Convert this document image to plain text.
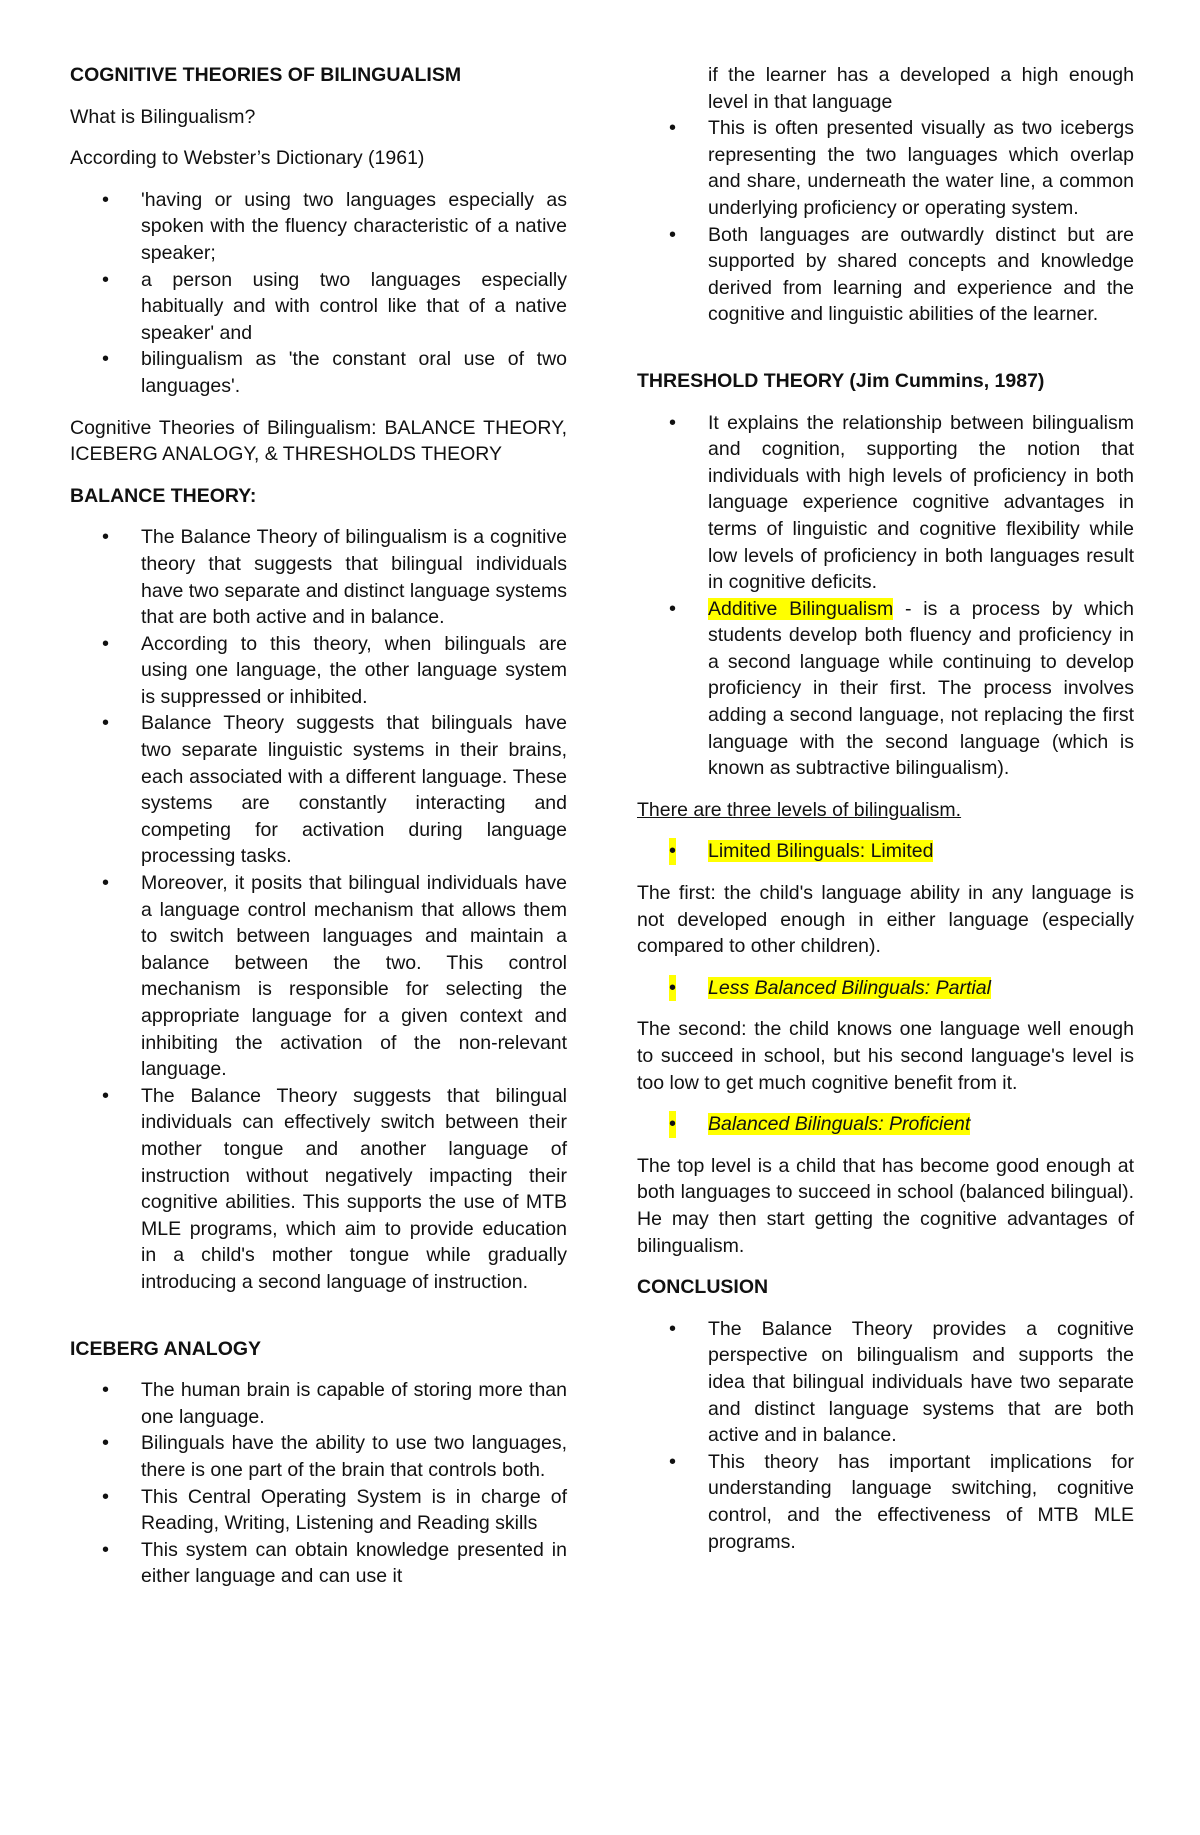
COGNITIVE THEORIES OF BILINGUALISM

What is Bilingualism?

According to Webster’s Dictionary (1961)

• 'having or using two languages especially as spoken with the fluency characteristic of a native speaker;
• a person using two languages especially habitually and with control like that of a native speaker' and
• bilingualism as 'the constant oral use of two languages'.

Cognitive Theories of Bilingualism: BALANCE THEORY, ICEBERG ANALOGY, & THRESHOLDS THEORY

BALANCE THEORY:
• The Balance Theory of bilingualism is a cognitive theory that suggests that bilingual individuals have two separate and distinct language systems that are both active and in balance.
• According to this theory, when bilinguals are using one language, the other language system is suppressed or inhibited.
• Balance Theory suggests that bilinguals have two separate linguistic systems in their brains, each associated with a different language. These systems are constantly interacting and competing for activation during language processing tasks.
• Moreover, it posits that bilingual individuals have a language control mechanism that allows them to switch between languages and maintain a balance between the two. This control mechanism is responsible for selecting the appropriate language for a given context and inhibiting the activation of the non-relevant language.
• The Balance Theory suggests that bilingual individuals can effectively switch between their mother tongue and another language of instruction without negatively impacting their cognitive abilities. This supports the use of MTB MLE programs, which aim to provide education in a child's mother tongue while gradually introducing a second language of instruction.
ICEBERG ANALOGY
• The human brain is capable of storing more than one language.
• Bilinguals have the ability to use two languages, there is one part of the brain that controls both.
• This Central Operating System is in charge of Reading, Writing, Listening and Reading skills
• This system can obtain knowledge presented in either language and can use it
if the learner has a developed a high enough level in that language
• This is often presented visually as two icebergs representing the two languages which overlap and share, underneath the water line, a common underlying proficiency or operating system.
• Both languages are outwardly distinct but are supported by shared concepts and knowledge derived from learning and experience and the cognitive and linguistic abilities of the learner.
THRESHOLD THEORY (Jim Cummins, 1987)
• It explains the relationship between bilingualism and cognition, supporting the notion that individuals with high levels of proficiency in both language experience cognitive advantages in terms of linguistic and cognitive flexibility while low levels of proficiency in both languages result in cognitive deficits.
• Additive Bilingualism - is a process by which students develop both fluency and proficiency in a second language while continuing to develop proficiency in their first. The process involves adding a second language, not replacing the first language with the second language (which is known as subtractive bilingualism).

There are three levels of bilingualism.

• Limited Bilinguals: Limited

The first: the child's language ability in any language is not developed enough in either language (especially compared to other children).

• Less Balanced Bilinguals: Partial

The second: the child knows one language well enough to succeed in school, but his second language's level is too low to get much cognitive benefit from it.

• Balanced Bilinguals: Proficient

The top level is a child that has become good enough at both languages to succeed in school (balanced bilingual). He may then start getting the cognitive advantages of bilingualism.

CONCLUSION
• The Balance Theory provides a cognitive perspective on bilingualism and supports the idea that bilingual individuals have two separate and distinct language systems that are both active and in balance.
• This theory has important implications for understanding language switching, cognitive control, and the effectiveness of MTB MLE programs.
